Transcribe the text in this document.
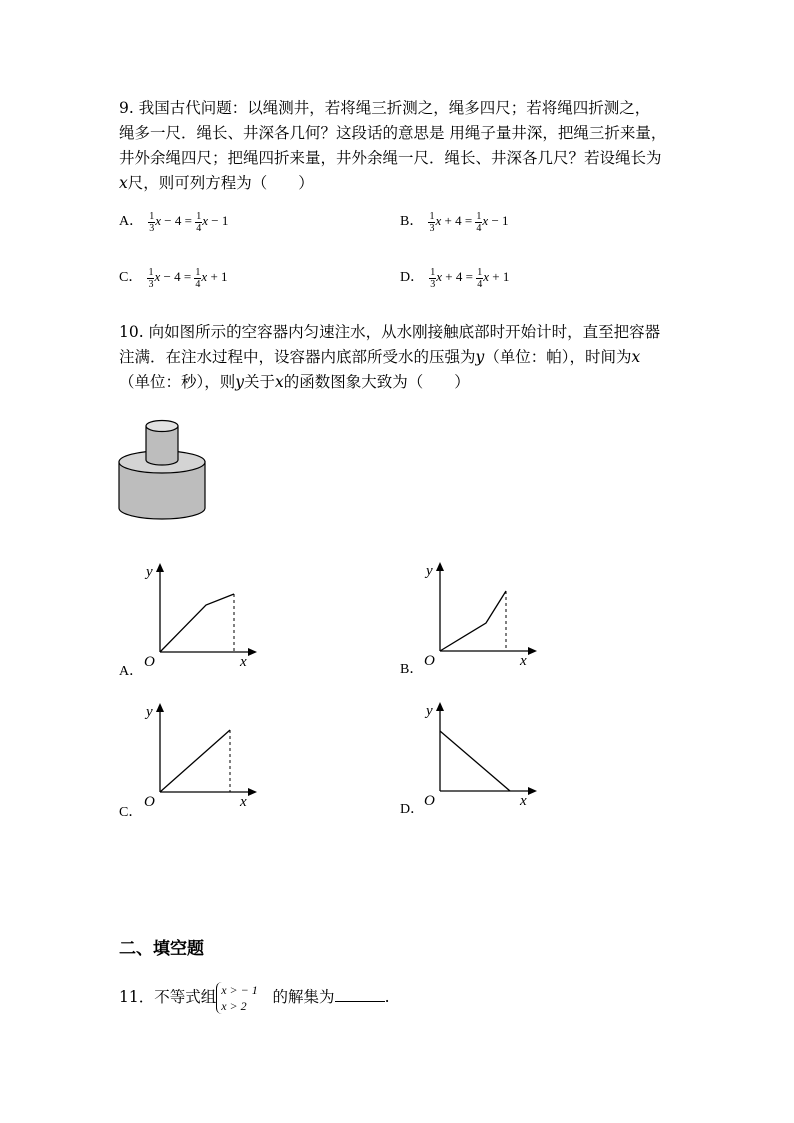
9. 我国古代问题：以绳测井，若将绳三折测之，绳多四尺；若将绳四折测之，
绳多一尺．绳长、井深各几何？这段话的意思是 用绳子量井深，把绳三折来量，
井外余绳四尺；把绳四折来量，井外余绳一尺．绳长、井深各几尺？若设绳长为
x尺，则可列方程为（　　）
A． $\frac{1}{3}$ $x - 4 = \frac{1}{4}$ x − 1	B． $\frac{1}{3}$ $x + 4 = \frac{1}{4}$ x − 1
C． $\frac{1}{3}$ $x - 4 = \frac{1}{4}$ x + 1	D． $\frac{1}{3}$ $x + 4 = \frac{1}{4}$ x + 1
10. 向如图所示的空容器内匀速注水，从水刚接触底部时开始计时，直至把容器
注满．在注水过程中，设容器内底部所受水的压强为y（单位：帕），时间为x
（单位：秒），则y关于x的函数图象大致为（　　）
A．
y
O	x	B．
y
O	x
C．
y
O	x	D．
y
O	x
二、填空题
11．不等式组 x > − 1
x > 2	的解集为	.
